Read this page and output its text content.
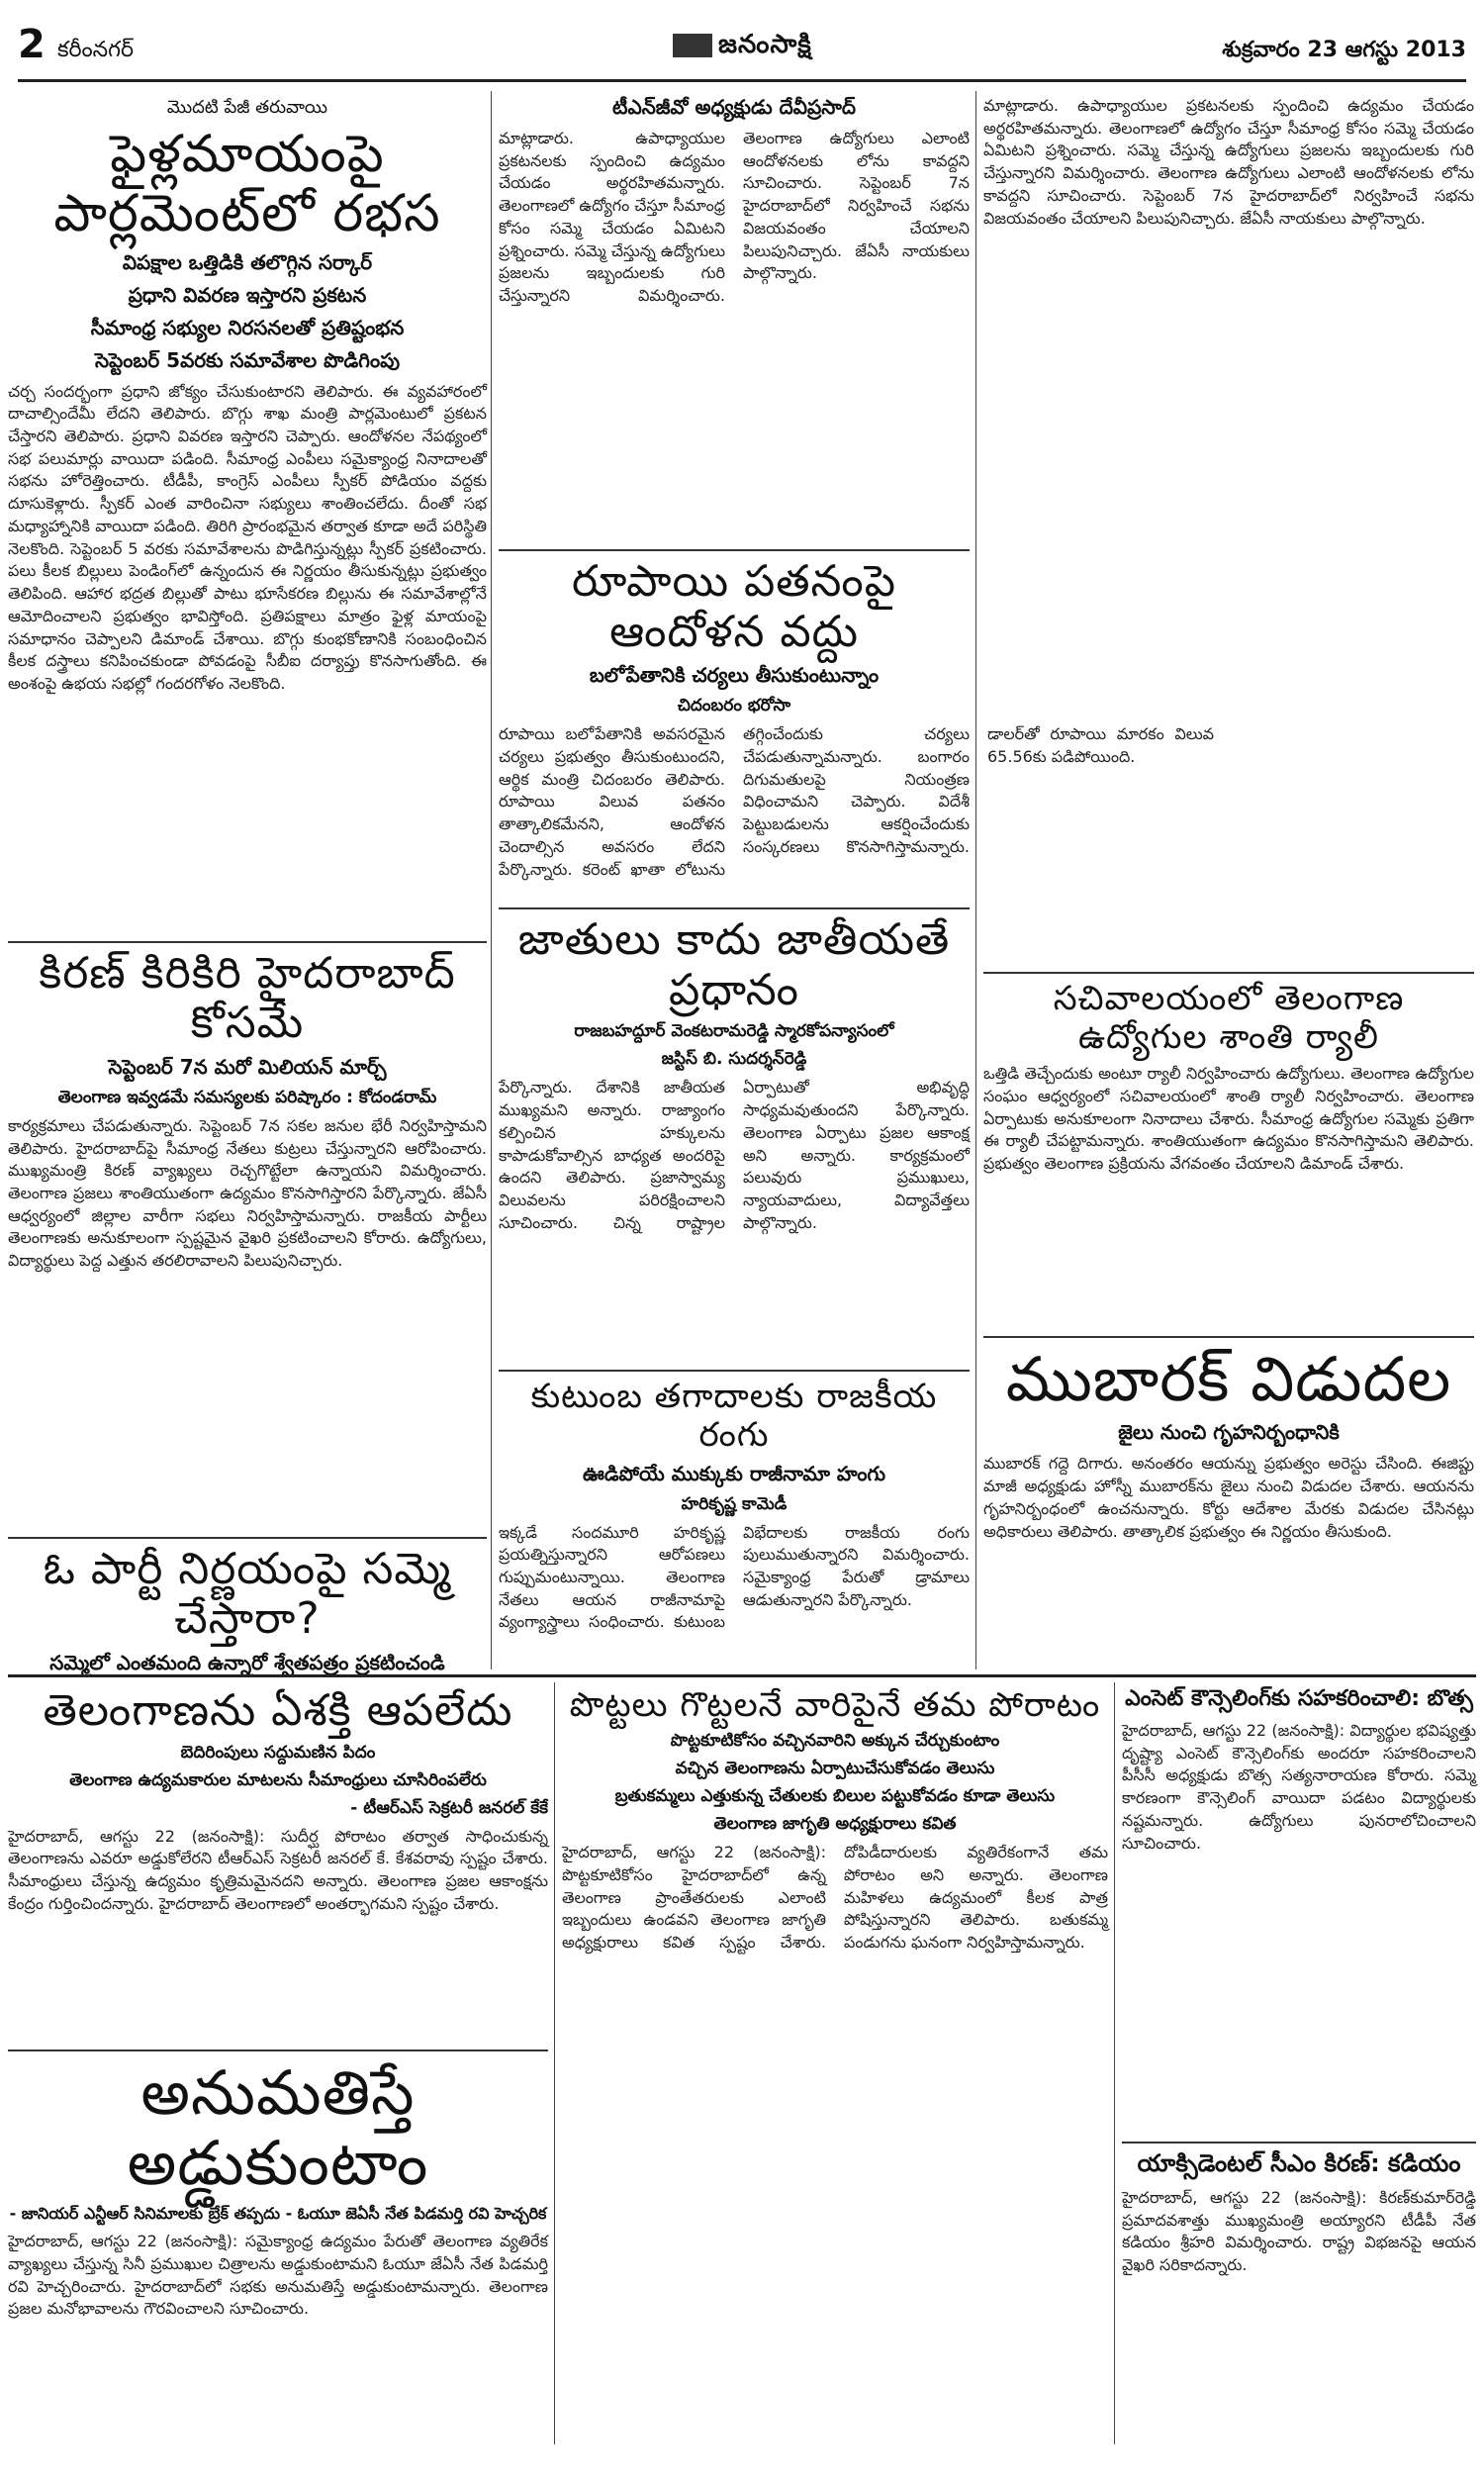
2 కరీంనగర్	జనంసాక్షి	శుక్రవారం 23 ఆగస్టు 2013
మొదటి పేజీ తరువాయి
ఫైళ్లమాయంపై పార్లమెంట్‌లో రభస
విపక్షాల ఒత్తిడికి తలొగ్గిన సర్కార్‌
ప్రధాని వివరణ ఇస్తారని ప్రకటన
సీమాంధ్ర సభ్యుల నిరసనలతో ప్రతిష్టంభన
సెప్టెంబర్‌ 5వరకు సమావేశాల పొడిగింపు
చర్చ సందర్భంగా ప్రధాని జోక్యం చేసుకుంటారని తెలిపారు. ఈ వ్యవహారంలో దాచాల్సిందేమీ లేదని తెలిపారు. బొగ్గు శాఖ మంత్రి పార్లమెంటులో ప్రకటన చేస్తారని తెలిపారు. ప్రధాని వివరణ ఇస్తారని చెప్పారు. ఆందోళనల నేపథ్యంలో సభ పలుమార్లు వాయిదా పడింది. సీమాంధ్ర ఎంపీలు సమైక్యాంధ్ర నినాదాలతో సభను హోరెత్తించారు. టీడీపీ, కాంగ్రెస్‌ ఎంపీలు స్పీకర్‌ పోడియం వద్దకు దూసుకెళ్లారు. స్పీకర్‌ ఎంత వారించినా సభ్యులు శాంతించలేదు. దీంతో సభ మధ్యాహ్నానికి వాయిదా పడింది. తిరిగి ప్రారంభమైన తర్వాత కూడా అదే పరిస్థితి నెలకొంది. సెప్టెంబర్‌ 5 వరకు సమావేశాలను పొడిగిస్తున్నట్లు స్పీకర్‌ ప్రకటించారు. పలు కీలక బిల్లులు పెండింగ్‌లో ఉన్నందున ఈ నిర్ణయం తీసుకున్నట్లు ప్రభుత్వం తెలిపింది. ఆహార భద్రత బిల్లుతో పాటు భూసేకరణ బిల్లును ఈ సమావేశాల్లోనే ఆమోదించాలని ప్రభుత్వం భావిస్తోంది. ప్రతిపక్షాలు మాత్రం ఫైళ్ల మాయంపై సమాధానం చెప్పాలని డిమాండ్‌ చేశాయి. బొగ్గు కుంభకోణానికి సంబంధించిన కీలక దస్త్రాలు కనిపించకుండా పోవడంపై సీబీఐ దర్యాప్తు కొనసాగుతోంది. ఈ అంశంపై ఉభయ సభల్లో గందరగోళం నెలకొంది.
కిరణ్‌ కిరికిరి హైదరాబాద్‌ కోసమే
సెప్టెంబర్‌ 7న మరో మిలియన్‌ మార్చ్‌
తెలంగాణ ఇవ్వడమే సమస్యలకు పరిష్కారం : కోదండరామ్‌
కార్యక్రమాలు చేపడుతున్నారు. సెప్టెంబర్‌ 7న సకల జనుల భేరీ నిర్వహిస్తామని తెలిపారు. హైదరాబాద్‌పై సీమాంధ్ర నేతలు కుట్రలు చేస్తున్నారని ఆరోపించారు. ముఖ్యమంత్రి కిరణ్‌ వ్యాఖ్యలు రెచ్చగొట్టేలా ఉన్నాయని విమర్శించారు. తెలంగాణ ప్రజలు శాంతియుతంగా ఉద్యమం కొనసాగిస్తారని పేర్కొన్నారు. జేఏసీ ఆధ్వర్యంలో జిల్లాల వారీగా సభలు నిర్వహిస్తామన్నారు. రాజకీయ పార్టీలు తెలంగాణకు అనుకూలంగా స్పష్టమైన వైఖరి ప్రకటించాలని కోరారు. ఉద్యోగులు, విద్యార్థులు పెద్ద ఎత్తున తరలిరావాలని పిలుపునిచ్చారు.
ఓ పార్టీ నిర్ణయంపై సమ్మె చేస్తారా?
సమ్మెలో ఎంతమంది ఉన్నారో శ్వేతపత్రం ప్రకటించండి
టీఎన్‌జీవో అధ్యక్షుడు దేవీప్రసాద్‌
మాట్లాడారు. ఉపాధ్యాయుల ప్రకటనలకు స్పందించి ఉద్యమం చేయడం అర్థరహితమన్నారు. తెలంగాణలో ఉద్యోగం చేస్తూ సీమాంధ్ర కోసం సమ్మె చేయడం ఏమిటని ప్రశ్నించారు. సమ్మె చేస్తున్న ఉద్యోగులు ప్రజలను ఇబ్బందులకు గురి చేస్తున్నారని విమర్శించారు. తెలంగాణ ఉద్యోగులు ఎలాంటి ఆందోళనలకు లోను కావద్దని సూచించారు. సెప్టెంబర్‌ 7న హైదరాబాద్‌లో నిర్వహించే సభను విజయవంతం చేయాలని పిలుపునిచ్చారు. జేఏసీ నాయకులు పాల్గొన్నారు.
రూపాయి పతనంపై ఆందోళన వద్దు
బలోపేతానికి చర్యలు తీసుకుంటున్నాం
చిదంబరం భరోసా
రూపాయి బలోపేతానికి అవసరమైన చర్యలు ప్రభుత్వం తీసుకుంటుందని, ఆర్థిక మంత్రి చిదంబరం తెలిపారు. రూపాయి విలువ పతనం తాత్కాలికమేనని, ఆందోళన చెందాల్సిన అవసరం లేదని పేర్కొన్నారు. కరెంట్‌ ఖాతా లోటును తగ్గించేందుకు చర్యలు చేపడుతున్నామన్నారు. బంగారం దిగుమతులపై నియంత్రణ విధించామని చెప్పారు. విదేశీ పెట్టుబడులను ఆకర్షించేందుకు సంస్కరణలు కొనసాగిస్తామన్నారు. డాలర్‌తో రూపాయి మారకం విలువ 65.56కు పడిపోయింది.
జాతులు కాదు జాతీయతే ప్రధానం
రాజబహద్దూర్‌ వెంకటరామరెడ్డి స్మారకోపన్యాసంలో
జస్టిస్‌ బి. సుదర్శన్‌రెడ్డి
పేర్కొన్నారు. దేశానికి జాతీయత ముఖ్యమని అన్నారు. రాజ్యాంగం కల్పించిన హక్కులను కాపాడుకోవాల్సిన బాధ్యత అందరిపై ఉందని తెలిపారు. ప్రజాస్వామ్య విలువలను పరిరక్షించాలని సూచించారు. చిన్న రాష్ట్రాల ఏర్పాటుతో అభివృద్ధి సాధ్యమవుతుందని పేర్కొన్నారు. తెలంగాణ ఏర్పాటు ప్రజల ఆకాంక్ష అని అన్నారు. కార్యక్రమంలో పలువురు ప్రముఖులు, న్యాయవాదులు, విద్యావేత్తలు పాల్గొన్నారు.
కుటుంబ తగాదాలకు రాజకీయ రంగు
ఊడిపోయే ముక్కుకు రాజీనామా హంగు
హరికృష్ణ కామెడీ
ఇక్కడే సందమూరి హరికృష్ణ ప్రయత్నిస్తున్నారని ఆరోపణలు గుప్పుమంటున్నాయి. తెలంగాణ నేతలు ఆయన రాజీనామాపై వ్యంగ్యాస్త్రాలు సంధించారు. కుటుంబ విభేదాలకు రాజకీయ రంగు పులుముతున్నారని విమర్శించారు. సమైక్యాంధ్ర పేరుతో డ్రామాలు ఆడుతున్నారని పేర్కొన్నారు.
మాట్లాడారు. ఉపాధ్యాయుల ప్రకటనలకు స్పందించి ఉద్యమం చేయడం అర్థరహితమన్నారు. తెలంగాణలో ఉద్యోగం చేస్తూ సీమాంధ్ర కోసం సమ్మె చేయడం ఏమిటని ప్రశ్నించారు. సమ్మె చేస్తున్న ఉద్యోగులు ప్రజలను ఇబ్బందులకు గురి చేస్తున్నారని విమర్శించారు. తెలంగాణ ఉద్యోగులు ఎలాంటి ఆందోళనలకు లోను కావద్దని సూచించారు. సెప్టెంబర్‌ 7న హైదరాబాద్‌లో నిర్వహించే సభను విజయవంతం చేయాలని పిలుపునిచ్చారు. జేఏసీ నాయకులు పాల్గొన్నారు.
సచివాలయంలో తెలంగాణ ఉద్యోగుల శాంతి ర్యాలీ
ఒత్తిడి తెచ్చేందుకు అంటూ ర్యాలీ నిర్వహించారు ఉద్యోగులు. తెలంగాణ ఉద్యోగుల సంఘం ఆధ్వర్యంలో సచివాలయంలో శాంతి ర్యాలీ నిర్వహించారు. తెలంగాణ ఏర్పాటుకు అనుకూలంగా నినాదాలు చేశారు. సీమాంధ్ర ఉద్యోగుల సమ్మెకు ప్రతిగా ఈ ర్యాలీ చేపట్టామన్నారు. శాంతియుతంగా ఉద్యమం కొనసాగిస్తామని తెలిపారు. ప్రభుత్వం తెలంగాణ ప్రక్రియను వేగవంతం చేయాలని డిమాండ్‌ చేశారు.
ముబారక్‌ విడుదల
జైలు నుంచి గృహనిర్బంధానికి
ముబారక్‌ గద్దె దిగారు. అనంతరం ఆయన్ను ప్రభుత్వం అరెస్టు చేసింది. ఈజిప్టు మాజీ అధ్యక్షుడు హోస్నీ ముబారక్‌ను జైలు నుంచి విడుదల చేశారు. ఆయనను గృహనిర్బంధంలో ఉంచనున్నారు. కోర్టు ఆదేశాల మేరకు విడుదల చేసినట్లు అధికారులు తెలిపారు. తాత్కాలిక ప్రభుత్వం ఈ నిర్ణయం తీసుకుంది.
తెలంగాణను ఏశక్తి ఆపలేదు
బెదిరింపులు సద్దుమణిన పిదం
తెలంగాణ ఉద్యమకారుల మాటలను సీమాంధ్రులు చూసిరింపలేరు
- టీఆర్‌ఎస్‌ సెక్రటరీ జనరల్‌ కేకే
హైదరాబాద్‌, ఆగస్టు 22 (జనంసాక్షి): సుదీర్ఘ పోరాటం తర్వాత సాధించుకున్న తెలంగాణను ఎవరూ అడ్డుకోలేరని టీఆర్‌ఎస్‌ సెక్రటరీ జనరల్‌ కే. కేశవరావు స్పష్టం చేశారు. సీమాంధ్రులు చేస్తున్న ఉద్యమం కృత్రిమమైనదని అన్నారు. తెలంగాణ ప్రజల ఆకాంక్షను కేంద్రం గుర్తించిందన్నారు. హైదరాబాద్‌ తెలంగాణలో అంతర్భాగమని స్పష్టం చేశారు.
అనుమతిస్తే అడ్డుకుంటాం
- జానియర్‌ ఎన్టీఆర్‌ సినిమాలకు బ్రేక్‌ తప్పదు - ఓయూ జెఏసీ నేత పిడమర్తి రవి హెచ్చరిక
హైదరాబాద్‌, ఆగస్టు 22 (జనంసాక్షి): సమైక్యాంధ్ర ఉద్యమం పేరుతో తెలంగాణ వ్యతిరేక వ్యాఖ్యలు చేస్తున్న సినీ ప్రముఖుల చిత్రాలను అడ్డుకుంటామని ఓయూ జేఏసీ నేత పిడమర్తి రవి హెచ్చరించారు. హైదరాబాద్‌లో సభకు అనుమతిస్తే అడ్డుకుంటామన్నారు. తెలంగాణ ప్రజల మనోభావాలను గౌరవించాలని సూచించారు.
పొట్టలు గొట్టలనే వారిపైనే తమ పోరాటం
పొట్టకూటికోసం వచ్చినవారిని అక్కున చేర్చుకుంటాం
వచ్చిన తెలంగాణను ఏర్పాటుచేసుకోవడం తెలుసు
బ్రతుకమ్మలు ఎత్తుకున్న చేతులకు బిలుల పట్టుకోవడం కూడా తెలుసు
తెలంగాణ జాగృతి అధ్యక్షురాలు కవిత
హైదరాబాద్‌, ఆగస్టు 22 (జనంసాక్షి): పొట్టకూటికోసం హైదరాబాద్‌లో ఉన్న తెలంగాణ ప్రాంతేతరులకు ఎలాంటి ఇబ్బందులు ఉండవని తెలంగాణ జాగృతి అధ్యక్షురాలు కవిత స్పష్టం చేశారు. దోపిడీదారులకు వ్యతిరేకంగానే తమ పోరాటం అని అన్నారు. తెలంగాణ మహిళలు ఉద్యమంలో కీలక పాత్ర పోషిస్తున్నారని తెలిపారు. బతుకమ్మ పండుగను ఘనంగా నిర్వహిస్తామన్నారు.
ఎంసెట్‌ కౌన్సెలింగ్‌కు సహకరించాలి: బొత్స
హైదరాబాద్‌, ఆగస్టు 22 (జనంసాక్షి): విద్యార్థుల భవిష్యత్తు దృష్ట్యా ఎంసెట్‌ కౌన్సెలింగ్‌కు అందరూ సహకరించాలని పీసీసీ అధ్యక్షుడు బొత్స సత్యనారాయణ కోరారు. సమ్మె కారణంగా కౌన్సెలింగ్‌ వాయిదా పడటం విద్యార్థులకు నష్టమన్నారు. ఉద్యోగులు పునరాలోచించాలని సూచించారు.
యాక్సిడెంటల్‌ సీఎం కిరణ్‌: కడియం
హైదరాబాద్‌, ఆగస్టు 22 (జనంసాక్షి): కిరణ్‌కుమార్‌రెడ్డి ప్రమాదవశాత్తు ముఖ్యమంత్రి అయ్యారని టీడీపీ నేత కడియం శ్రీహరి విమర్శించారు. రాష్ట్ర విభజనపై ఆయన వైఖరి సరికాదన్నారు.
